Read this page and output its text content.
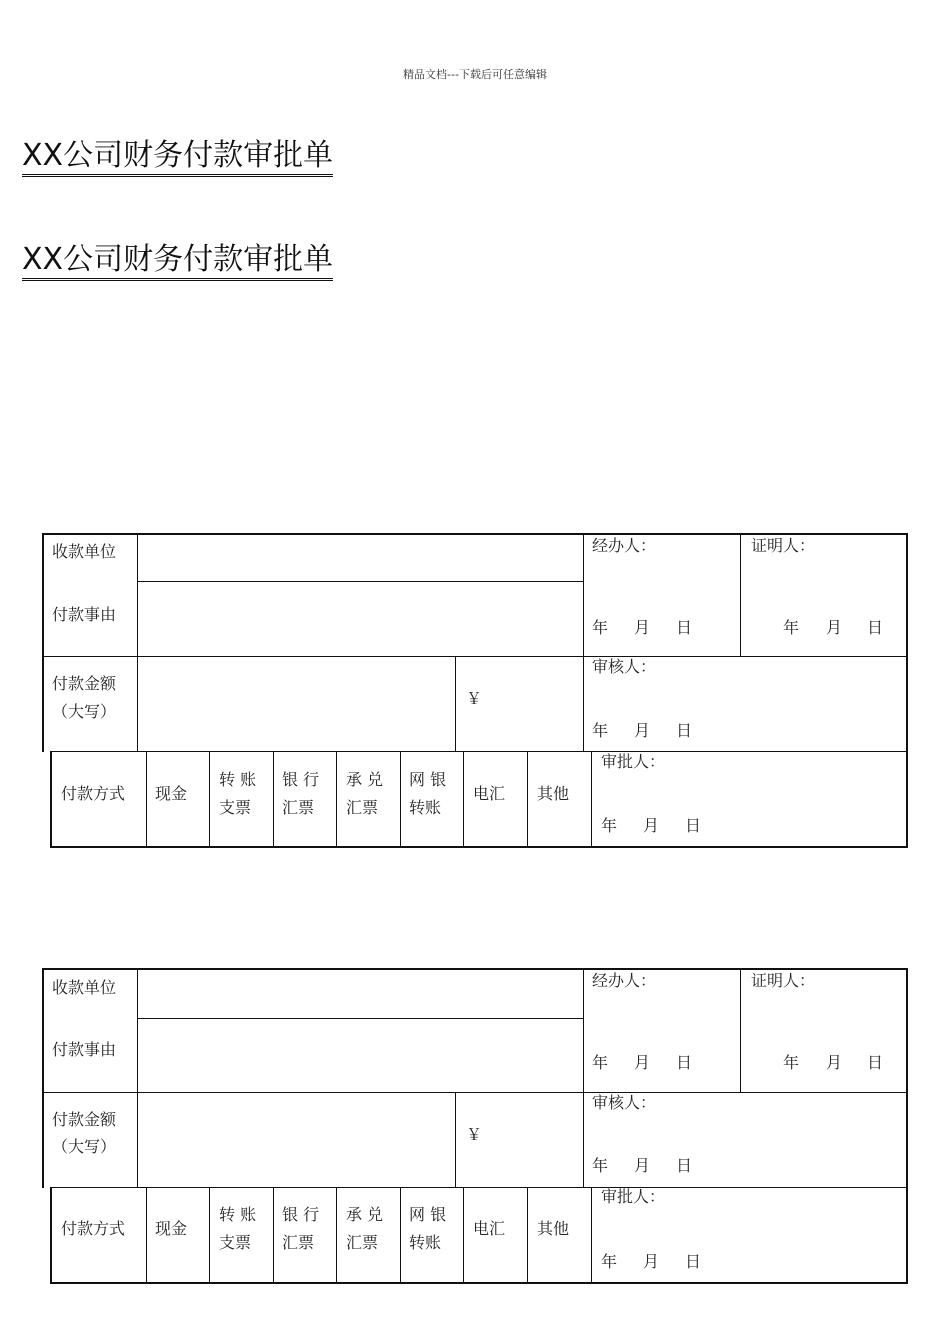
精品文档---下载后可任意编辑
XX公司财务付款审批单
XX公司财务付款审批单
收款单位
付款事由
付款金额
（大写）
￥
经办人：
年 月 日
证明人：
年 月 日
审核人：
年 月 日
审批人：
年 月 日
付款方式 现金
转 账
支票
银 行
汇票
承 兑
汇票
网 银
转账
电汇 其他
收款单位
付款事由
付款金额
（大写）
￥
经办人：
年 月 日
证明人：
年 月 日
审核人：
年 月 日
审批人：
年 月 日
付款方式 现金
转 账
支票
银 行
汇票
承 兑
汇票
网 银
转账
电汇 其他
